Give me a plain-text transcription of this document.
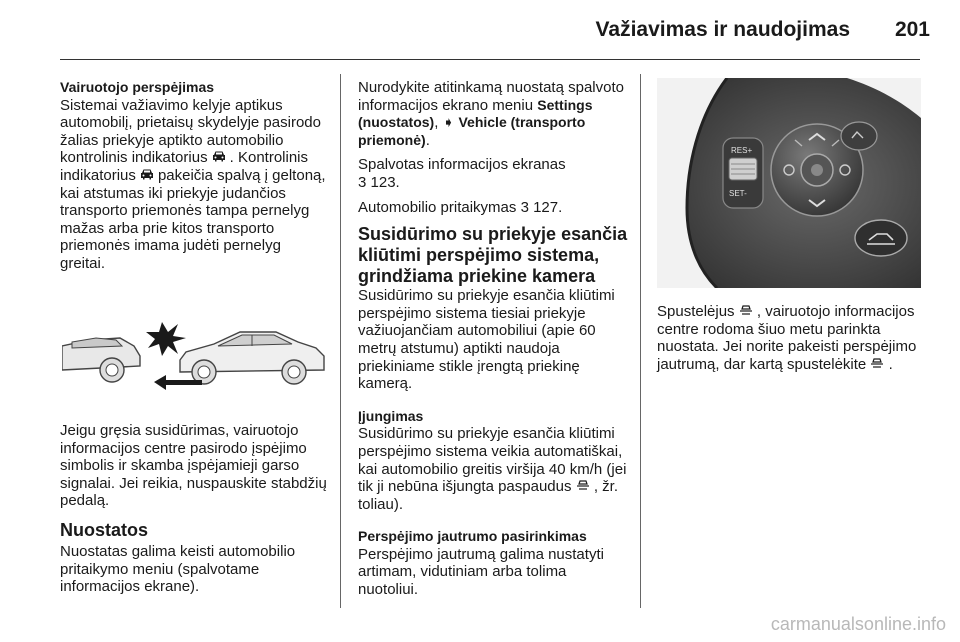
Važiavimas ir naudojimas	201
Vairuotojo perspėjimas

Sistemai važiavimo kelyje aptikus automobilį, prietaisų skydelyje pasirodo žalias priekyje aptikto automobilio kontrolinis indikatorius . Kontrolinis indikatorius pakeičia spalvą į geltoną, kai atstumas iki priekyje judančios transporto priemonės tampa pernelyg mažas arba prie kitos transporto priemonės imama judėti pernelyg greitai.

Jeigu gręsia susidūrimas, vairuotojo informacijos centre pasirodo įspėjimo simbolis ir skamba įspėjamieji garso signalai. Jei reikia, nuspauskite stabdžių pedalą.

Nuostatos

Nuostatas galima keisti automobilio pritaikymo meniu (spalvotame informacijos ekrane).

Nurodykite atitinkamą nuostatą spalvoto informacijos ekrano meniu Settings (nuostatos), ➧ Vehicle (transporto priemonė).

Spalvotas informacijos ekranas
3 123.

Automobilio pritaikymas 3 127.

Susidūrimo su priekyje esančia kliūtimi perspėjimo sistema, grindžiama priekine kamera

Susidūrimo su priekyje esančia kliūtimi perspėjimo sistema tiesiai priekyje važiuojančiam automobiliui (apie 60 metrų atstumu) aptikti naudoja priekiniame stikle įrengtą priekinę kamerą.

Įjungimas

Susidūrimo su priekyje esančia kliūtimi perspėjimo sistema veikia automatiškai, kai automobilio greitis viršija 40 km/h (jei tik ji nebūna išjungta paspaudus , žr. toliau).

Perspėjimo jautrumo pasirinkimas

Perspėjimo jautrumą galima nustatyti artimam, vidutiniam arba tolima nuotoliui.

RES+
SET-

Spustelėjus , vairuotojo informacijos centre rodoma šiuo metu parinkta nuostata. Jei norite pakeisti perspėjimo jautrumą, dar kartą spustelėkite .

carmanualsonline.info
